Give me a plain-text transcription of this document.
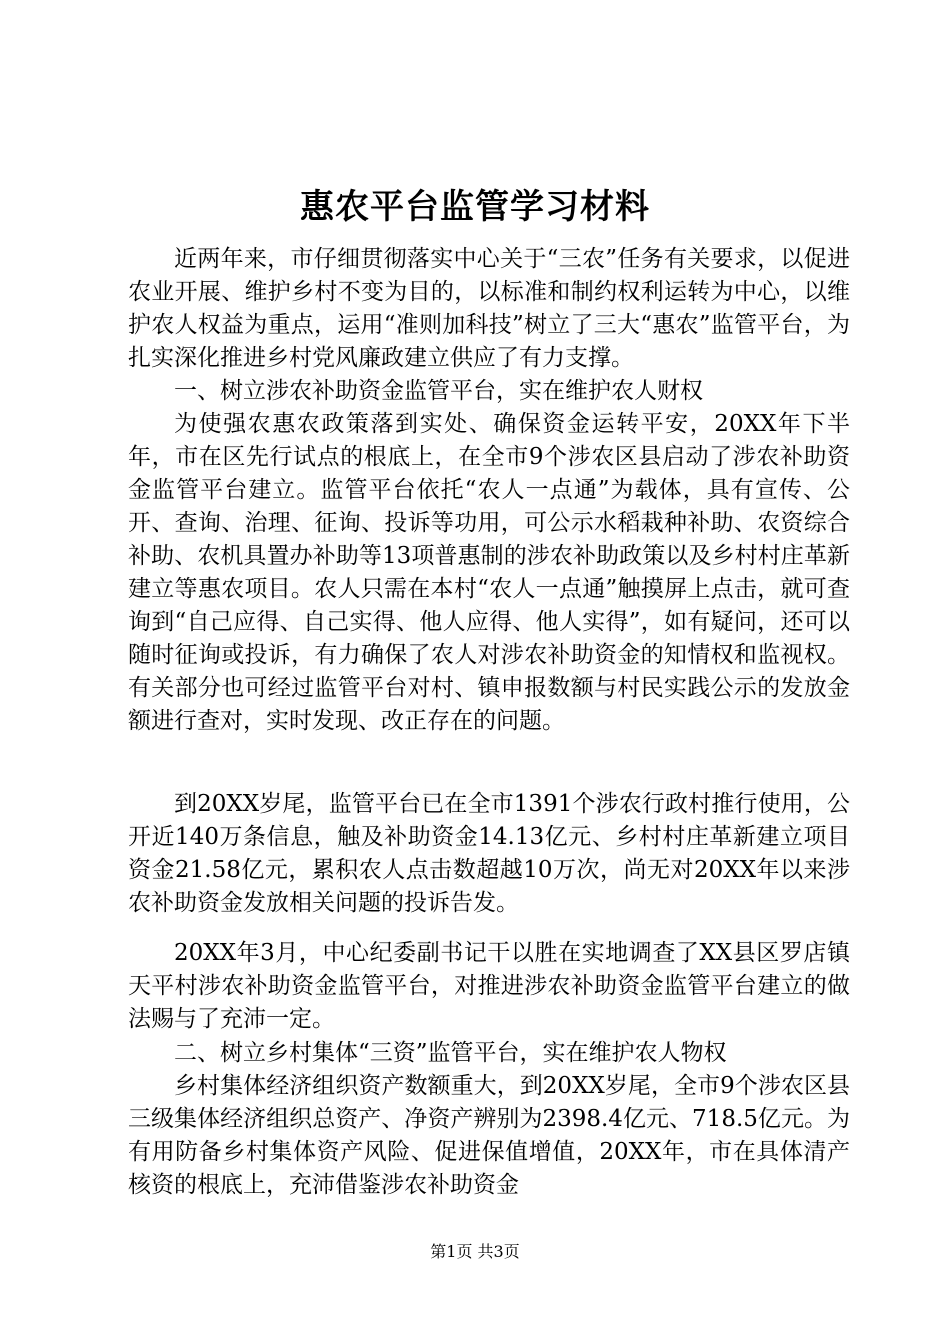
惠农平台监管学习材料

近两年来，市仔细贯彻落实中心关于“三农”任务有关要求，以促进农业开展、维护乡村不变为目的，以标准和制约权利运转为中心，以维护农人权益为重点，运用“准则加科技”树立了三大“惠农”监管平台，为扎实深化推进乡村党风廉政建立供应了有力支撑。

一、树立涉农补助资金监管平台，实在维护农人财权

为使强农惠农政策落到实处、确保资金运转平安，20XX年下半年，市在区先行试点的根底上，在全市9个涉农区县启动了涉农补助资金监管平台建立。监管平台依托“农人一点通”为载体，具有宣传、公开、查询、治理、征询、投诉等功用，可公示水稻栽种补助、农资综合补助、农机具置办补助等13项普惠制的涉农补助政策以及乡村村庄革新建立等惠农项目。农人只需在本村“农人一点通”触摸屏上点击，就可查询到“自己应得、自己实得、他人应得、他人实得”，如有疑问，还可以随时征询或投诉，有力确保了农人对涉农补助资金的知情权和监视权。有关部分也可经过监管平台对村、镇申报数额与村民实践公示的发放金额进行查对，实时发现、改正存在的问题。

到20XX岁尾，监管平台已在全市1391个涉农行政村推行使用，公开近140万条信息，触及补助资金14.13亿元、乡村村庄革新建立项目资金21.58亿元，累积农人点击数超越10万次，尚无对20XX年以来涉农补助资金发放相关问题的投诉告发。

20XX年3月，中心纪委副书记干以胜在实地调查了XX县区罗店镇天平村涉农补助资金监管平台，对推进涉农补助资金监管平台建立的做法赐与了充沛一定。

二、树立乡村集体“三资”监管平台，实在维护农人物权

乡村集体经济组织资产数额重大，到20XX岁尾，全市9个涉农区县三级集体经济组织总资产、净资产辨别为2398.4亿元、718.5亿元。为有用防备乡村集体资产风险、促进保值增值，20XX年，市在具体清产核资的根底上，充沛借鉴涉农补助资金

第1页 共3页
